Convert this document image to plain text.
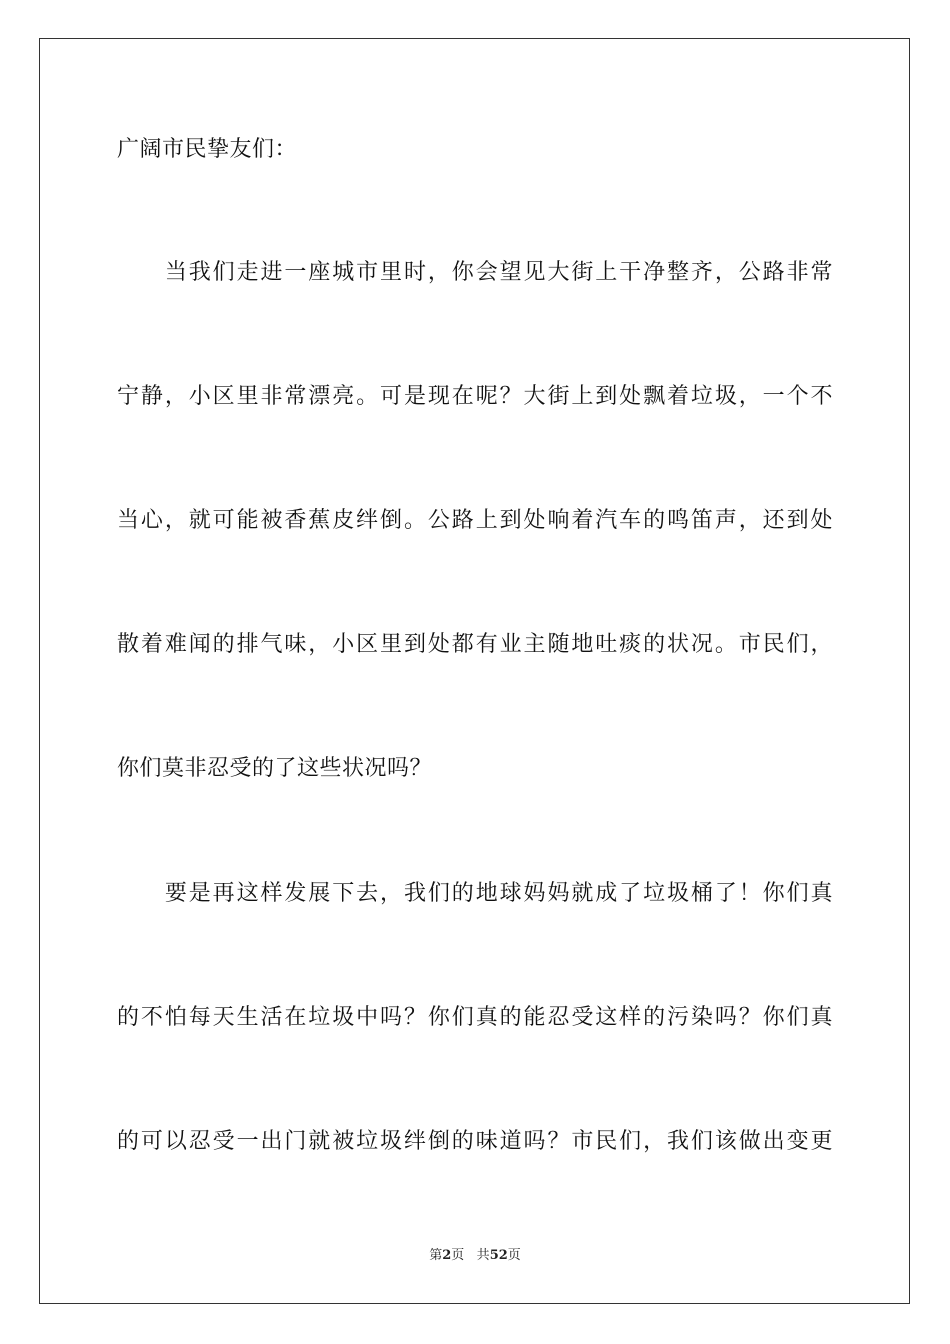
广阔市民挚友们：
　　当我们走进一座城市里时，你会望见大街上干净整齐，公路非常
宁静，小区里非常漂亮。可是现在呢？大街上到处飘着垃圾，一个不
当心，就可能被香蕉皮绊倒。公路上到处响着汽车的鸣笛声，还到处
散着难闻的排气味，小区里到处都有业主随地吐痰的状况。市民们，
你们莫非忍受的了这些状况吗？
　　要是再这样发展下去，我们的地球妈妈就成了垃圾桶了！你们真
的不怕每天生活在垃圾中吗？你们真的能忍受这样的污染吗？你们真
的可以忍受一出门就被垃圾绊倒的味道吗？市民们，我们该做出变更
第2页 共52页
